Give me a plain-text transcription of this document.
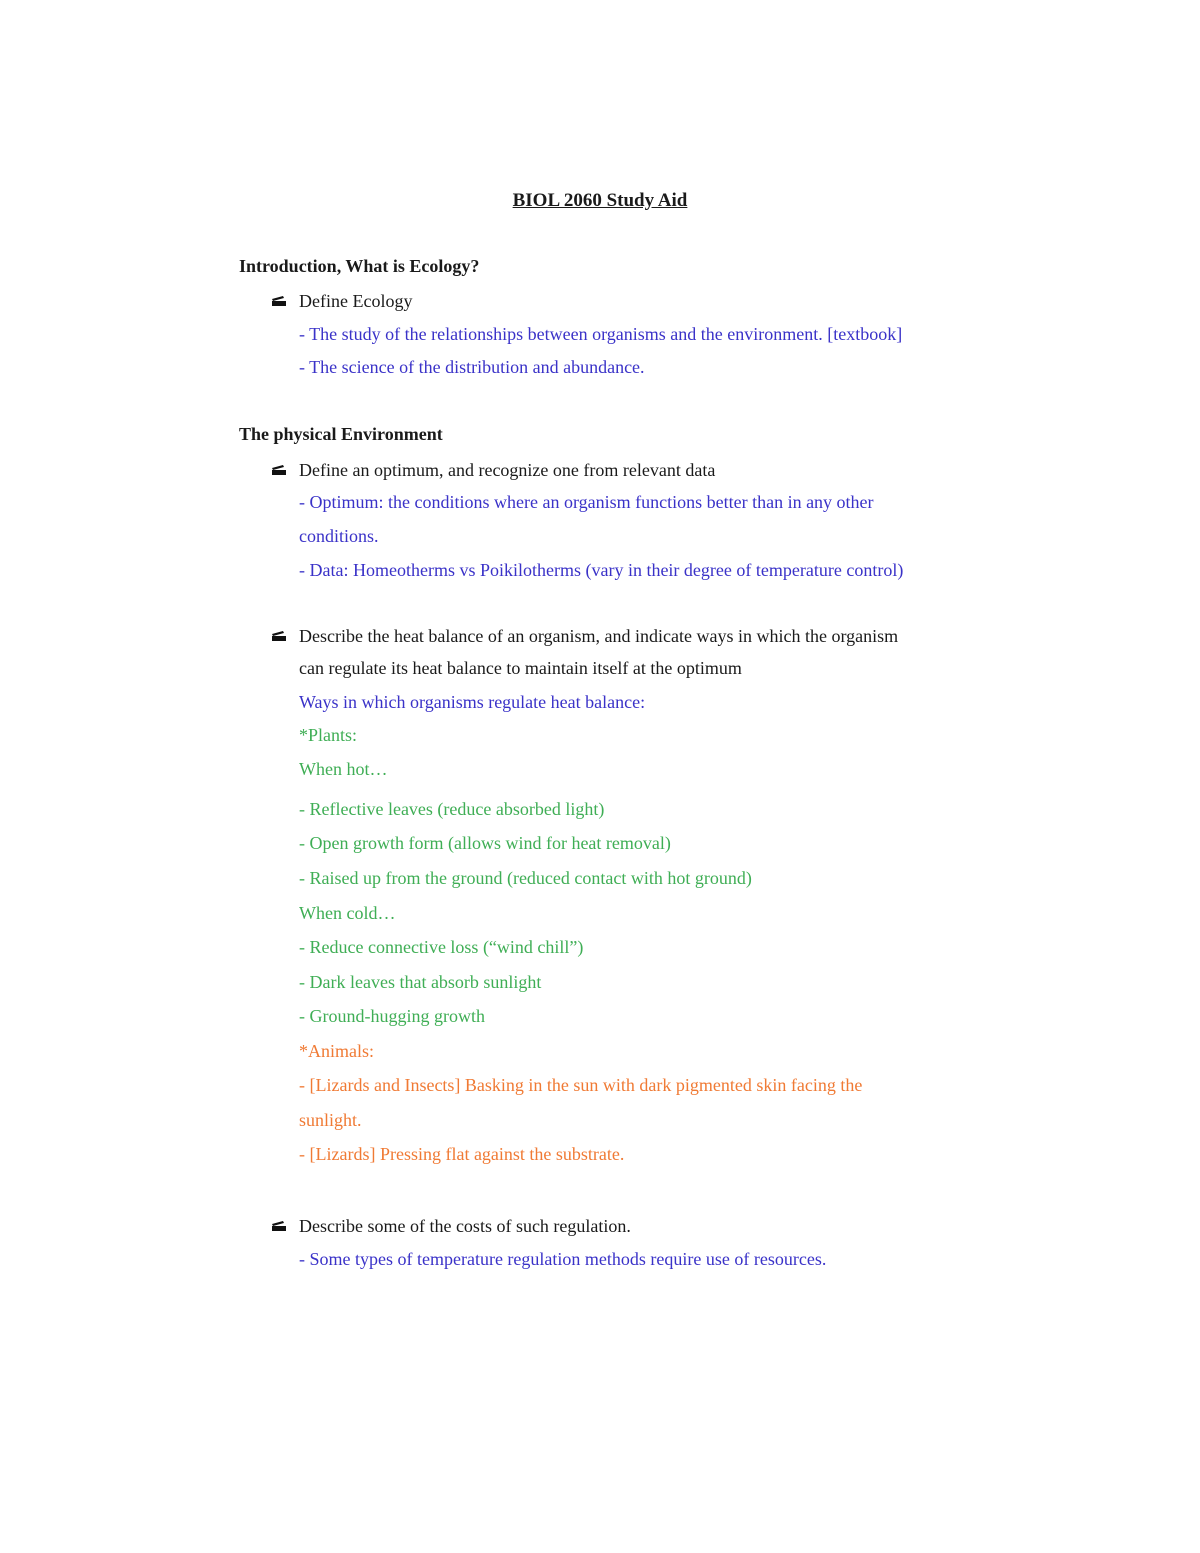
BIOL 2060 Study Aid
Introduction, What is Ecology?
Define Ecology
- The study of the relationships between organisms and the environment. [textbook]
- The science of the distribution and abundance.
The physical Environment
Define an optimum, and recognize one from relevant data
- Optimum: the conditions where an organism functions better than in any other
conditions.
- Data: Homeotherms vs Poikilotherms (vary in their degree of temperature control)
Describe the heat balance of an organism, and indicate ways in which the organism
can regulate its heat balance to maintain itself at the optimum
Ways in which organisms regulate heat balance:
*Plants:
When hot…
- Reflective leaves (reduce absorbed light)
- Open growth form (allows wind for heat removal)
- Raised up from the ground (reduced contact with hot ground)
When cold…
- Reduce connective loss (“wind chill”)
- Dark leaves that absorb sunlight
- Ground-hugging growth
*Animals:
- [Lizards and Insects] Basking in the sun with dark pigmented skin facing the
sunlight.
- [Lizards] Pressing flat against the substrate.
Describe some of the costs of such regulation.
- Some types of temperature regulation methods require use of resources.
